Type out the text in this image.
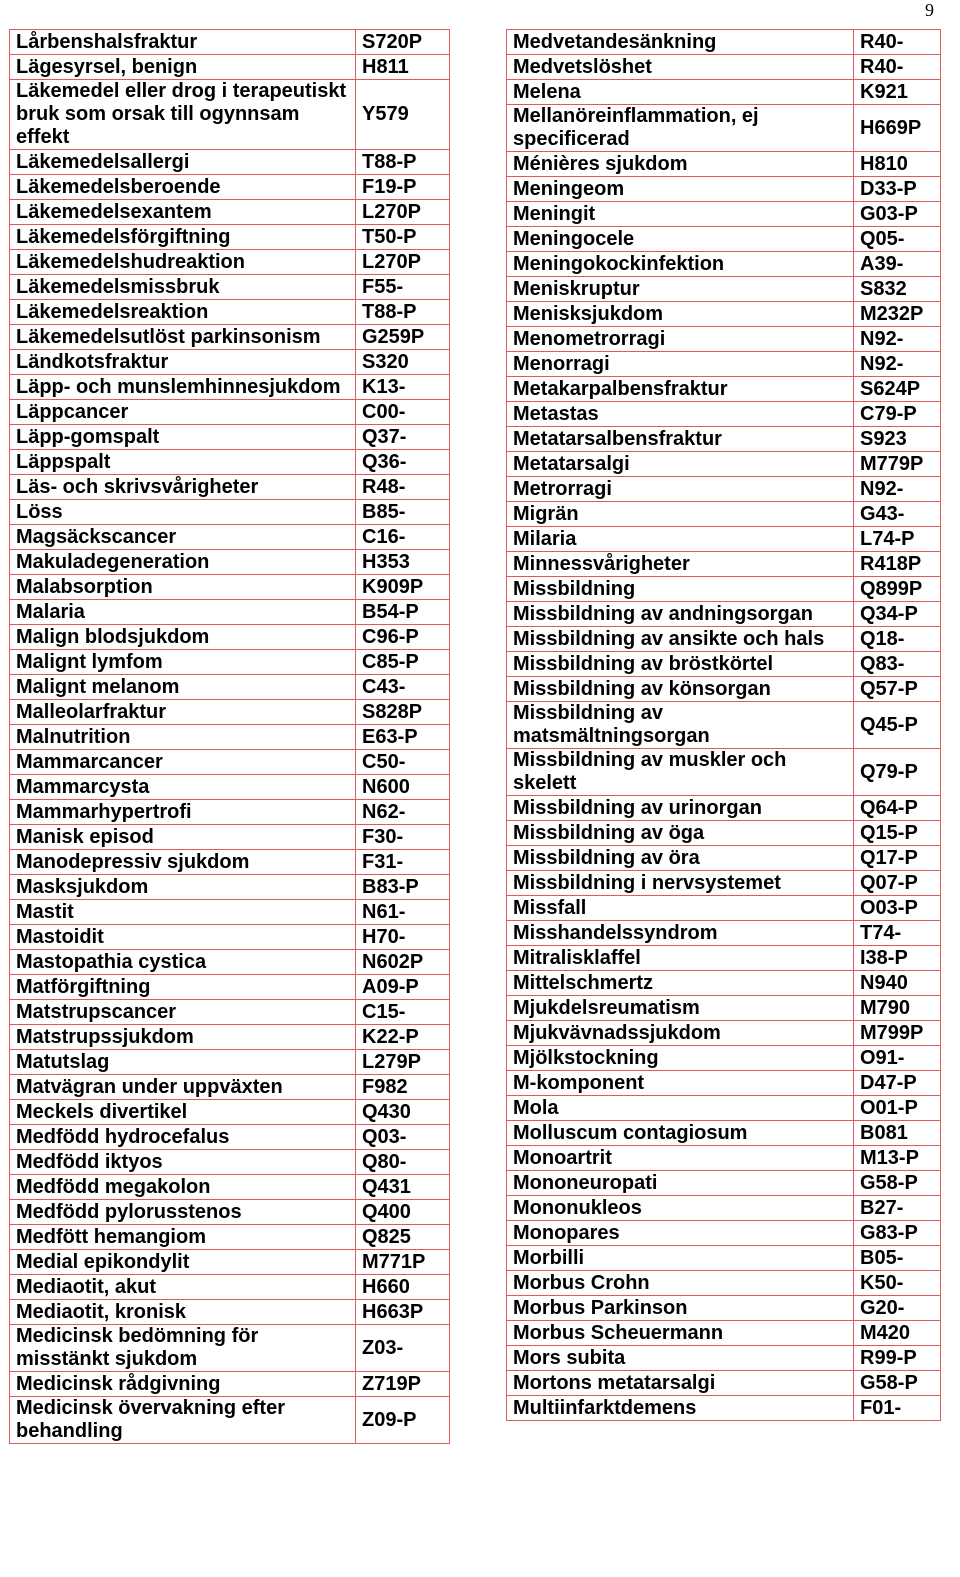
9
Lårbenshalsfraktur	S720P
Lägesyrsel, benign	H811
Läkemedel eller drog i terapeutiskt bruk som orsak till ogynnsam effekt	Y579
Läkemedelsallergi	T88-P
Läkemedelsberoende	F19-P
Läkemedelsexantem	L270P
Läkemedelsförgiftning	T50-P
Läkemedelshudreaktion	L270P
Läkemedelsmissbruk	F55-
Läkemedelsreaktion	T88-P
Läkemedelsutlöst parkinsonism	G259P
Ländkotsfraktur	S320
Läpp- och munslemhinnesjukdom	K13-
Läppcancer	C00-
Läpp-gomspalt	Q37-
Läppspalt	Q36-
Läs- och skrivsvårigheter	R48-
Löss	B85-
Magsäckscancer	C16-
Makuladegeneration	H353
Malabsorption	K909P
Malaria	B54-P
Malign blodsjukdom	C96-P
Malignt lymfom	C85-P
Malignt melanom	C43-
Malleolarfraktur	S828P
Malnutrition	E63-P
Mammarcancer	C50-
Mammarcysta	N600
Mammarhypertrofi	N62-
Manisk episod	F30-
Manodepressiv sjukdom	F31-
Masksjukdom	B83-P
Mastit	N61-
Mastoidit	H70-
Mastopathia cystica	N602P
Matförgiftning	A09-P
Matstrupscancer	C15-
Matstrupssjukdom	K22-P
Matutslag	L279P
Matvägran under uppväxten	F982
Meckels divertikel	Q430
Medfödd hydrocefalus	Q03-
Medfödd iktyos	Q80-
Medfödd megakolon	Q431
Medfödd pylorusstenos	Q400
Medfött hemangiom	Q825
Medial epikondylit	M771P
Mediaotit, akut	H660
Mediaotit, kronisk	H663P
Medicinsk bedömning för misstänkt sjukdom	Z03-
Medicinsk rådgivning	Z719P
Medicinsk övervakning efter behandling	Z09-P
Medvetandesänkning	R40-
Medvetslöshet	R40-
Melena	K921
Mellanöreinflammation, ej specificerad	H669P
Ménières sjukdom	H810
Meningeom	D33-P
Meningit	G03-P
Meningocele	Q05-
Meningokockinfektion	A39-
Meniskruptur	S832
Menisksjukdom	M232P
Menometrorragi	N92-
Menorragi	N92-
Metakarpalbensfraktur	S624P
Metastas	C79-P
Metatarsalbensfraktur	S923
Metatarsalgi	M779P
Metrorragi	N92-
Migrän	G43-
Milaria	L74-P
Minnessvårigheter	R418P
Missbildning	Q899P
Missbildning av andningsorgan	Q34-P
Missbildning av ansikte och hals	Q18-
Missbildning av bröstkörtel	Q83-
Missbildning av könsorgan	Q57-P
Missbildning av matsmältningsorgan	Q45-P
Missbildning av muskler och skelett	Q79-P
Missbildning av urinorgan	Q64-P
Missbildning av öga	Q15-P
Missbildning av öra	Q17-P
Missbildning i nervsystemet	Q07-P
Missfall	O03-P
Misshandelssyndrom	T74-
Mitralisklaffel	I38-P
Mittelschmertz	N940
Mjukdelsreumatism	M790
Mjukvävnadssjukdom	M799P
Mjölkstockning	O91-
M-komponent	D47-P
Mola	O01-P
Molluscum contagiosum	B081
Monoartrit	M13-P
Mononeuropati	G58-P
Mononukleos	B27-
Monopares	G83-P
Morbilli	B05-
Morbus Crohn	K50-
Morbus Parkinson	G20-
Morbus Scheuermann	M420
Mors subita	R99-P
Mortons metatarsalgi	G58-P
Multiinfarktdemens	F01-
